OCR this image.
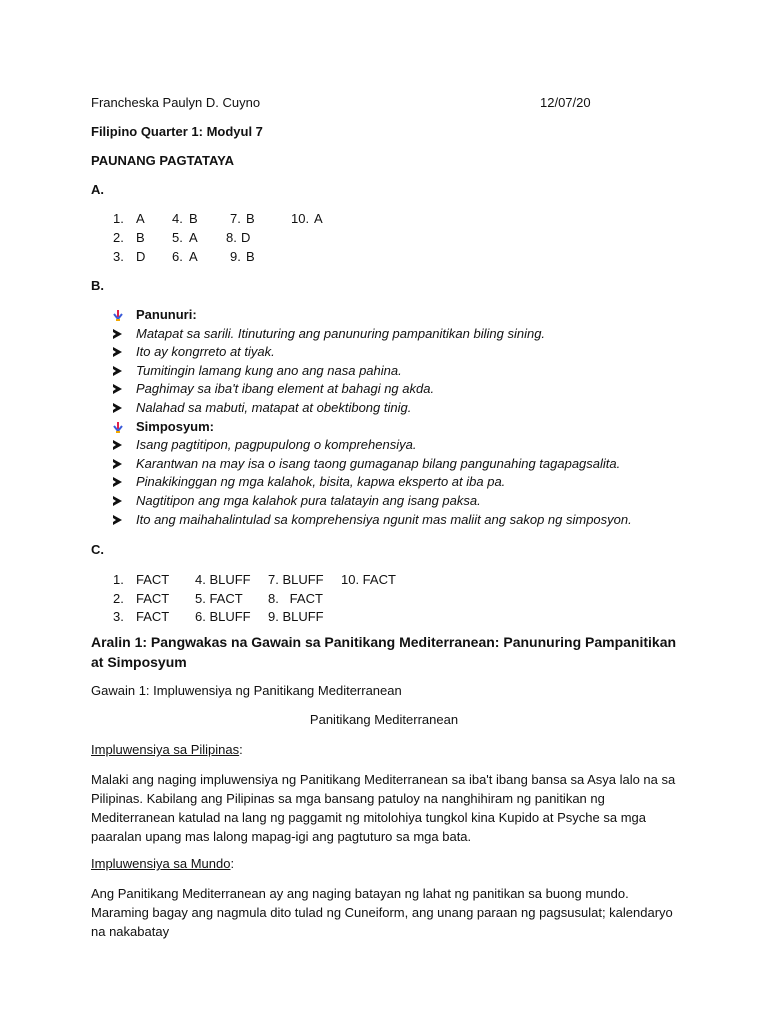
Francheska Paulyn D. Cuyno	12/07/20
Filipino Quarter 1: Modyul 7
PAUNANG PAGTATAYA
A.
1. A 4. B 7. B	10. A
2. B 5. A 8. D
3. D 6. A 9. B
B.
Panunuri:
Matapat sa sarili. Itinuturing ang panunuring pampanitikan biling sining.
Ito ay kongrreto at tiyak.
Tumitingin lamang kung ano ang nasa pahina.
Paghimay sa iba't ibang element at bahagi ng akda.
Nalahad sa mabuti, matapat at obektibong tinig.
Simposyum:
Isang pagtitipon, pagpupulong o komprehensiya.
Karantwan na may isa o isang taong gumaganap bilang pangunahing tagapagsalita.
Pinakikinggan ng mga kalahok, bisita, kapwa eksperto at iba pa.
Nagtitipon ang mga kalahok pura talatayin ang isang paksa.
Ito ang maihahalintulad sa komprehensiya ngunit mas maliit ang sakop ng simposyon.
C.
1. FACT 4. BLUFF 7. BLUFF 10. FACT
2. FACT 5. FACT 8.   FACT
3. FACT 6. BLUFF 9. BLUFF
Aralin 1: Pangwakas na Gawain sa Panitikang Mediterranean: Panunuring Pampanitikan at Simposyum
Gawain 1: Impluwensiya ng Panitikang Mediterranean
Panitikang Mediterranean
Impluwensiya sa Pilipinas:
Malaki ang naging impluwensiya ng Panitikang Mediterranean sa iba't ibang bansa sa Asya lalo na sa Pilipinas. Kabilang ang Pilipinas sa mga bansang patuloy na nanghihiram ng panitikan ng Mediterranean katulad na lang ng paggamit ng mitolohiya tungkol kina Kupido at Psyche sa mga paaralan upang mas lalong mapag-igi ang pagtuturo sa mga bata.
Impluwensiya sa Mundo:
Ang Panitikang Mediterranean ay ang naging batayan ng lahat ng panitikan sa buong mundo. Maraming bagay ang nagmula dito tulad ng Cuneiform, ang unang paraan ng pagsusulat; kalendaryo na nakabatay
